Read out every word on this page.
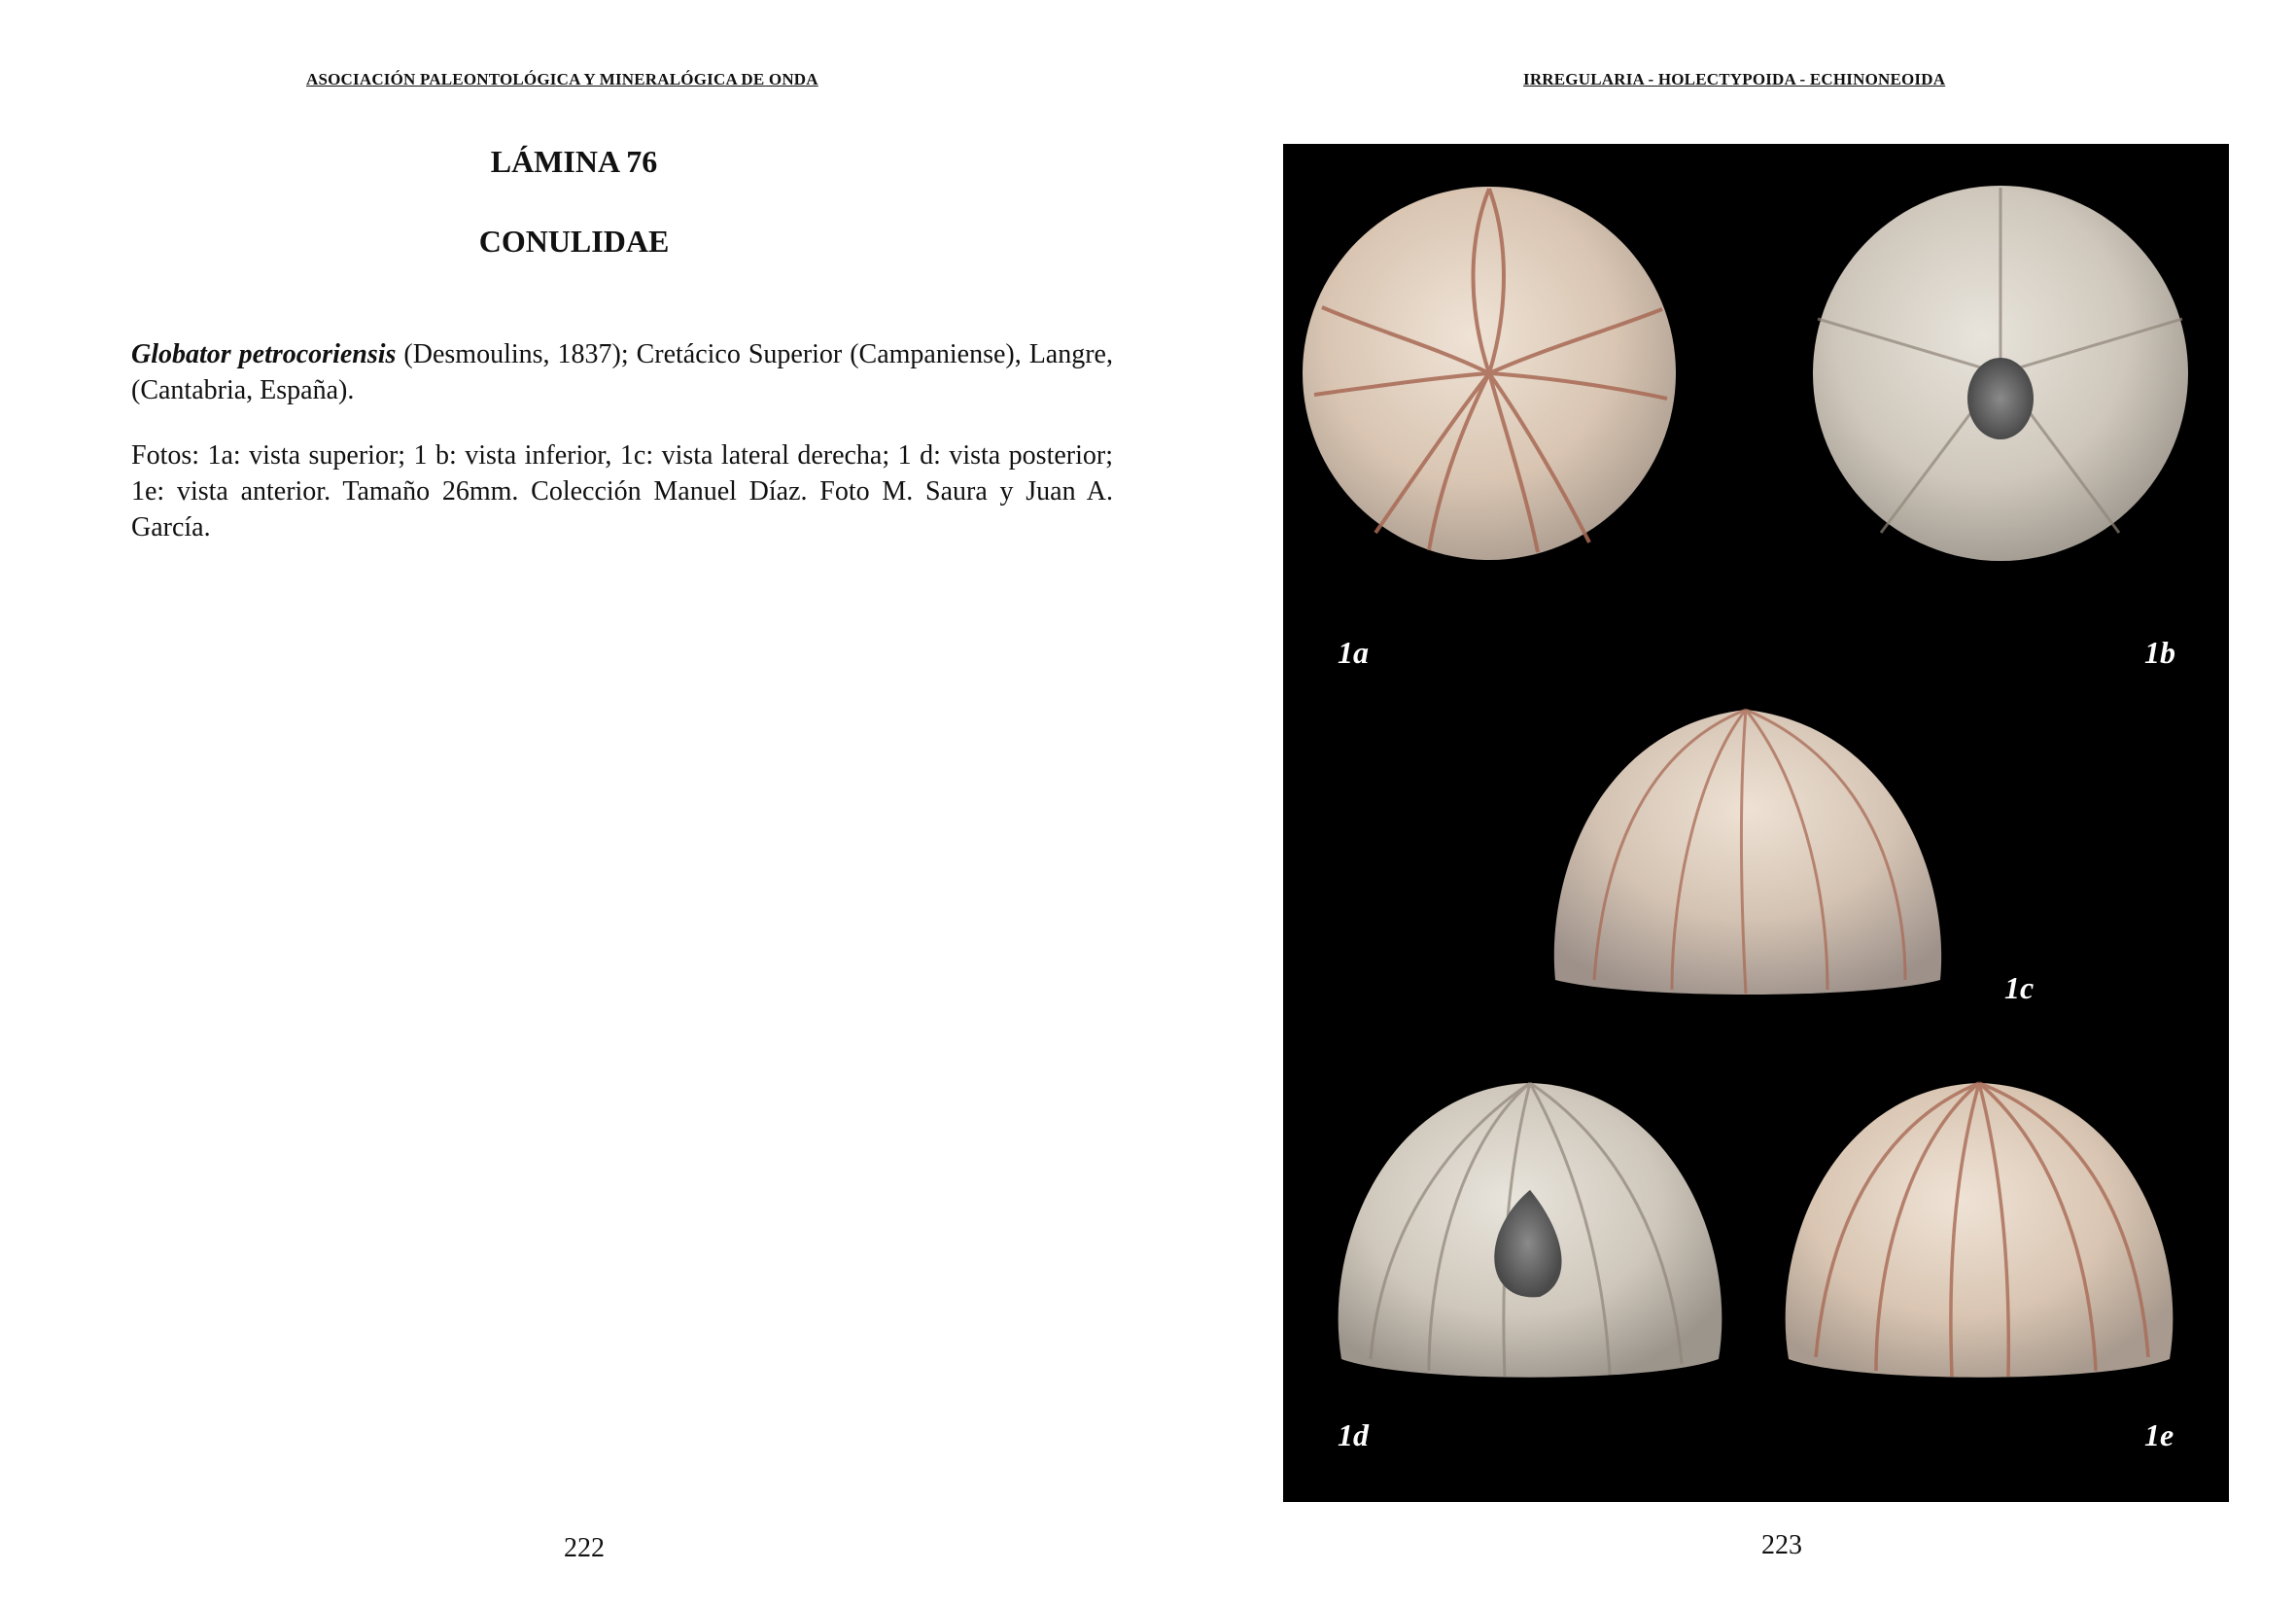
ASOCIACIÓN PALEONTOLÓGICA Y MINERALÓGICA DE ONDA
LÁMINA 76
CONULIDAE

Globator petrocoriensis (Desmoulins, 1837); Cretácico Superior (Campaniense), Langre, (Cantabria, España).

Fotos: 1a: vista superior; 1 b: vista inferior, 1c: vista lateral derecha; 1 d: vista posterior; 1e: vista anterior. Tamaño 26mm. Colección Manuel Díaz. Foto M. Saura y Juan A. García.

222
IRREGULARIA - HOLECTYPOIDA - ECHINONEOIDA
1a	1b
1c
1d	1e
223
